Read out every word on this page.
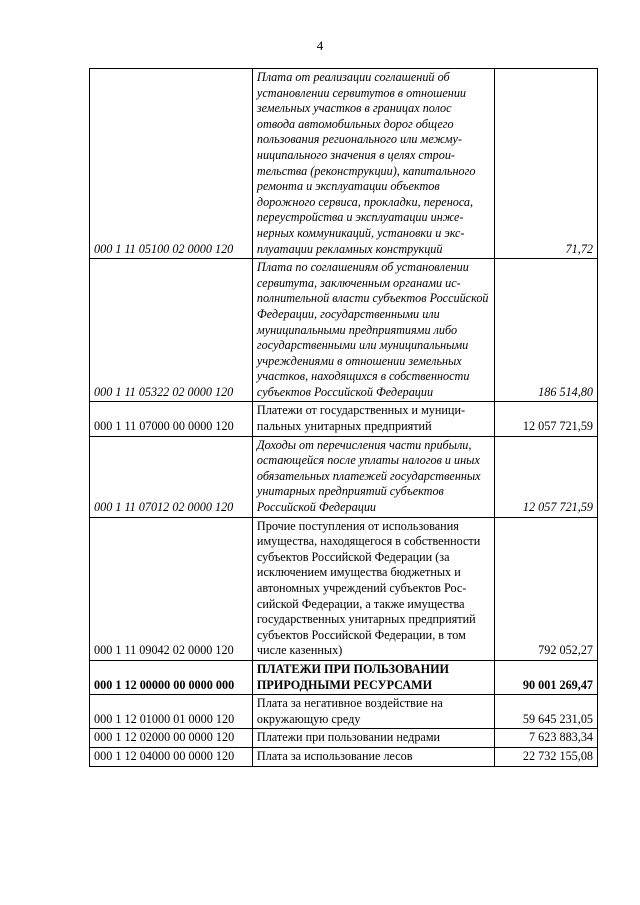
4
000 1 11 05100 02 0000 120	Плата от реализации соглашений об установлении сервитутов в отношении земельных участков в границах полос отвода автомобильных дорог общего пользования регионального или межмуниципального значения в целях строительства (реконструкции), капитального ремонта и эксплуатации объектов дорожного сервиса, прокладки, переноса, переустройства и эксплуатации инженерных коммуникаций, установки и эксплуатации рекламных конструкций	71,72
000 1 11 05322 02 0000 120	Плата по соглашениям об установлении сервитута, заключенным органами исполнительной власти субъектов Российской Федерации, государственными или муниципальными предприятиями либо государственными или муниципальными учреждениями в отношении земельных участков, находящихся в собственности субъектов Российской Федерации	186 514,80
000 1 11 07000 00 0000 120	Платежи от государственных и муниципальных унитарных предприятий	12 057 721,59
000 1 11 07012 02 0000 120	Доходы от перечисления части прибыли, остающейся после уплаты налогов и иных обязательных платежей государственных унитарных предприятий субъектов Российской Федерации	12 057 721,59
000 1 11 09042 02 0000 120	Прочие поступления от использования имущества, находящегося в собственности субъектов Российской Федерации (за исключением имущества бюджетных и автономных учреждений субъектов Российской Федерации, а также имущества государственных унитарных предприятий субъектов Российской Федерации, в том числе казенных)	792 052,27
000 1 12 00000 00 0000 000	ПЛАТЕЖИ ПРИ ПОЛЬЗОВАНИИ ПРИРОДНЫМИ РЕСУРСАМИ	90 001 269,47
000 1 12 01000 01 0000 120	Плата за негативное воздействие на окружающую среду	59 645 231,05
000 1 12 02000 00 0000 120	Платежи при пользовании недрами	7 623 883,34
000 1 12 04000 00 0000 120	Плата за использование лесов	22 732 155,08
